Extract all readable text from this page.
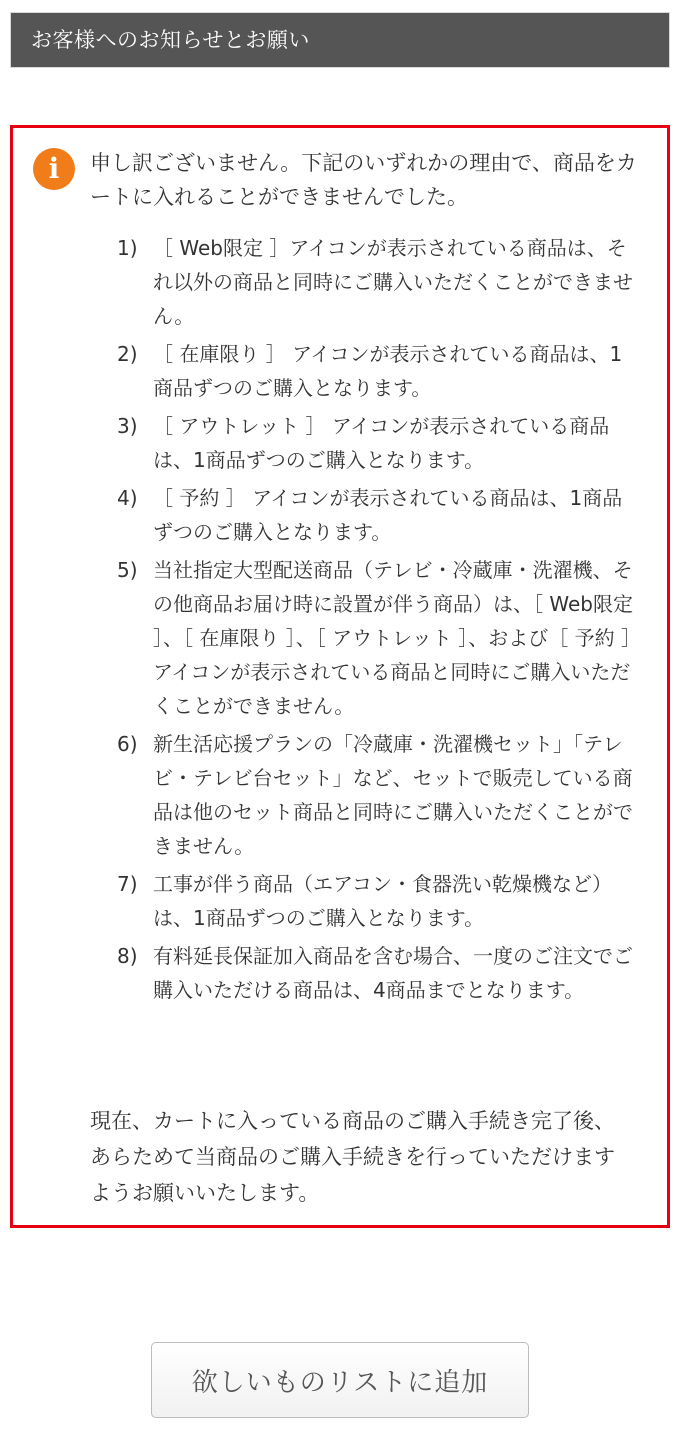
お客様へのお知らせとお願い
i	申し訳ございません。下記のいずれかの理由で、商品をカートに入れることができませんでした。

1) ［ Web限定 ］アイコンが表示されている商品は、それ以外の商品と同時にご購入いただくことができません。
2) ［ 在庫限り ］ アイコンが表示されている商品は、1商品ずつのご購入となります。
3) ［ アウトレット ］ アイコンが表示されている商品は、1商品ずつのご購入となります。
4) ［ 予約 ］ アイコンが表示されている商品は、1商品ずつのご購入となります。
5) 当社指定大型配送商品（テレビ・冷蔵庫・洗濯機、その他商品お届け時に設置が伴う商品）は、［ Web限定 ］、［ 在庫限り ］、［ アウトレット ］、および［ 予約 ］アイコンが表示されている商品と同時にご購入いただくことができません。
6) 新生活応援プランの「冷蔵庫・洗濯機セット」「テレビ・テレビ台セット」など、セットで販売している商品は他のセット商品と同時にご購入いただくことができません。
7) 工事が伴う商品（エアコン・食器洗い乾燥機など）は、1商品ずつのご購入となります。
8) 有料延長保証加入商品を含む場合、一度のご注文でご購入いただける商品は、4商品までとなります。

現在、カートに入っている商品のご購入手続き完了後、あらためて当商品のご購入手続きを行っていただけますようお願いいたします。

欲しいものリストに追加
